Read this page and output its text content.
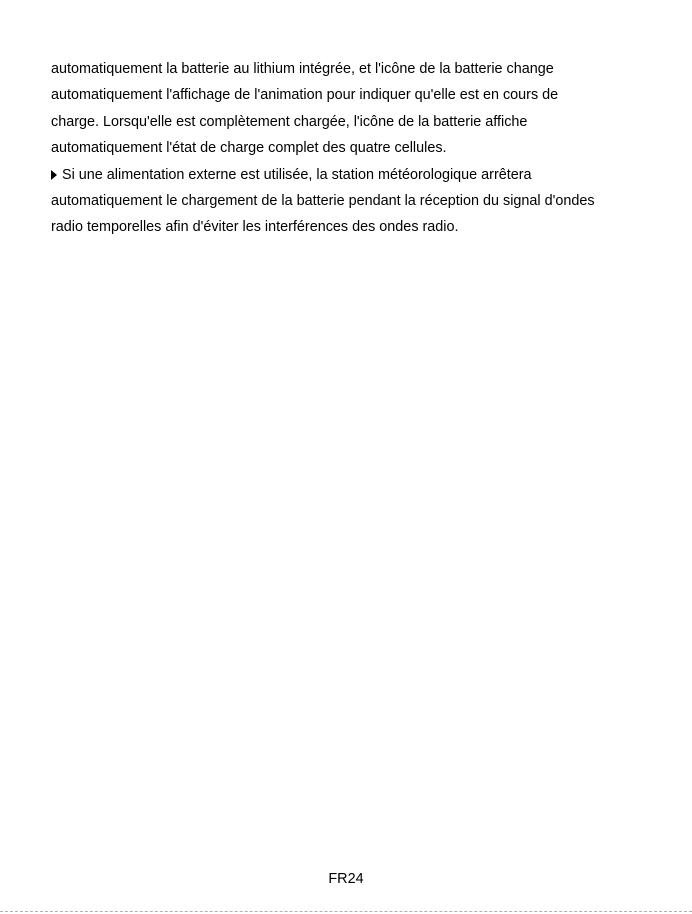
automatiquement la batterie au lithium intégrée, et l'icône de la batterie change
automatiquement l'affichage de l'animation pour indiquer qu'elle est en cours de
charge. Lorsqu'elle est complètement chargée, l'icône de la batterie affiche
automatiquement l'état de charge complet des quatre cellules.
Si une alimentation externe est utilisée, la station météorologique arrêtera
automatiquement le chargement de la batterie pendant la réception du signal d'ondes
radio temporelles afin d'éviter les interférences des ondes radio.
FR24
